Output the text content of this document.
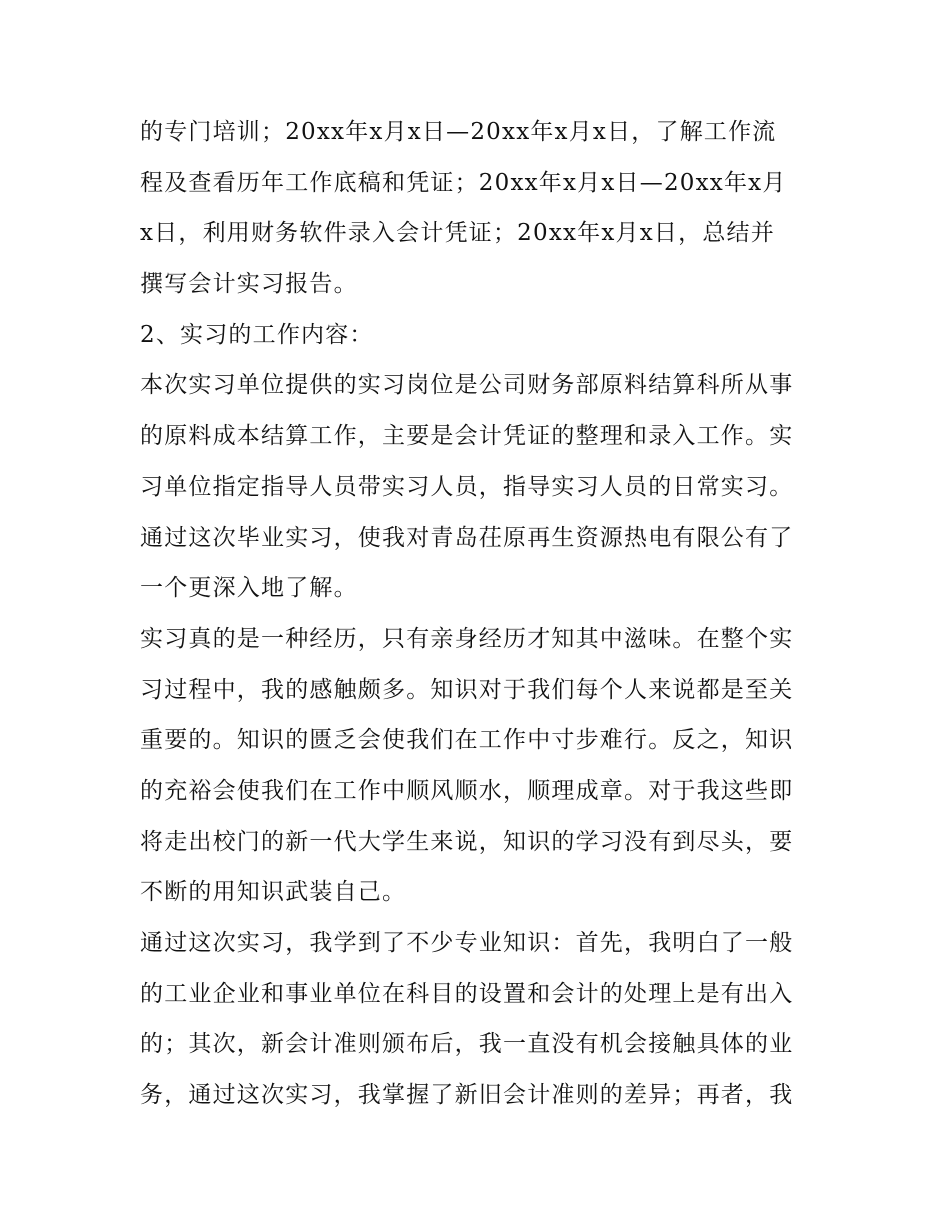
的专门培训；20xx年x月x日—20xx年x月x日，了解工作流
程及查看历年工作底稿和凭证；20xx年x月x日—20xx年x月
x日，利用财务软件录入会计凭证；20xx年x月x日，总结并
撰写会计实习报告。
2、实习的工作内容：
本次实习单位提供的实习岗位是公司财务部原料结算科所从事
的原料成本结算工作，主要是会计凭证的整理和录入工作。实
习单位指定指导人员带实习人员，指导实习人员的日常实习。
通过这次毕业实习，使我对青岛茌原再生资源热电有限公有了
一个更深入地了解。
实习真的是一种经历，只有亲身经历才知其中滋味。在整个实
习过程中，我的感触颇多。知识对于我们每个人来说都是至关
重要的。知识的匮乏会使我们在工作中寸步难行。反之，知识
的充裕会使我们在工作中顺风顺水，顺理成章。对于我这些即
将走出校门的新一代大学生来说，知识的学习没有到尽头，要
不断的用知识武装自己。
通过这次实习，我学到了不少专业知识：首先，我明白了一般
的工业企业和事业单位在科目的设置和会计的处理上是有出入
的；其次，新会计准则颁布后，我一直没有机会接触具体的业
务，通过这次实习，我掌握了新旧会计准则的差异；再者，我
